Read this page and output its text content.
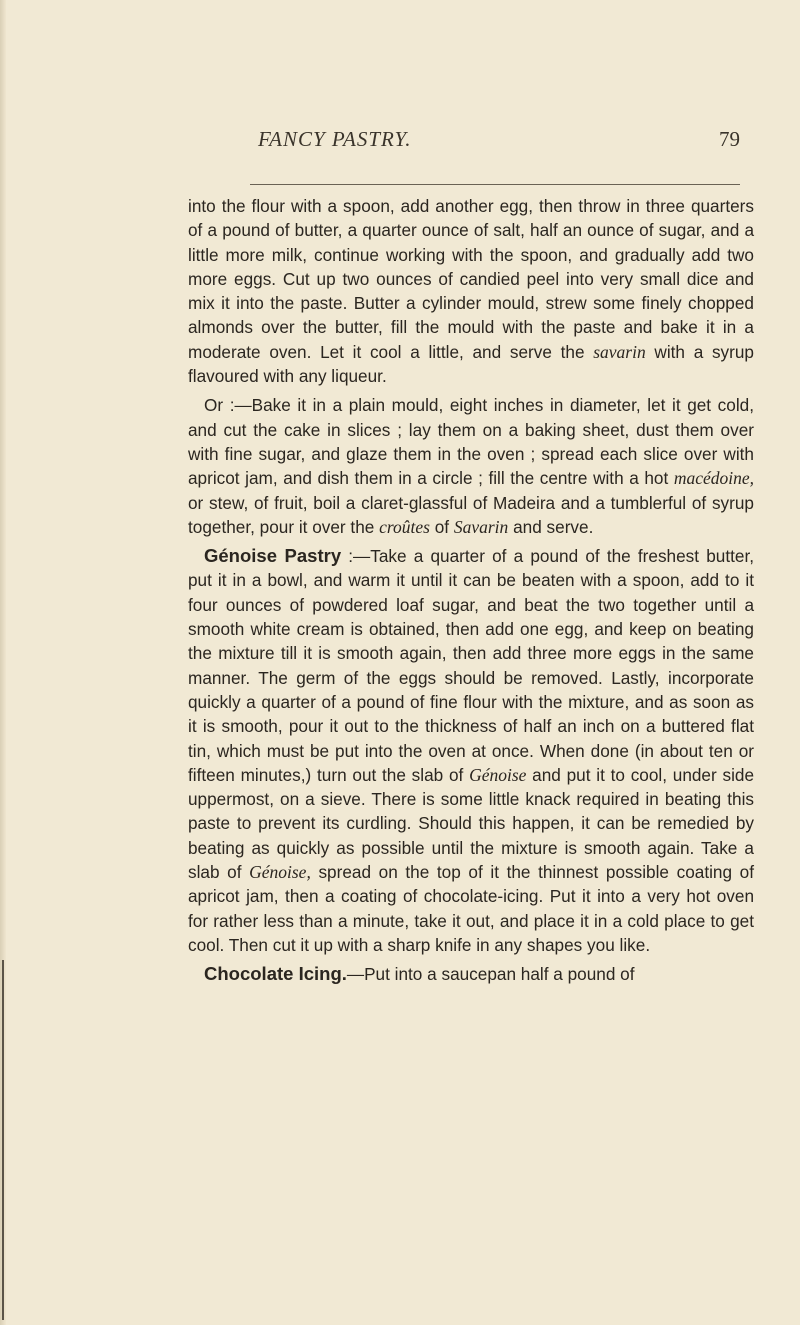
FANCY PASTRY.	79

into the flour with a spoon, add another egg, then throw in three quarters of a pound of butter, a quarter ounce of salt, half an ounce of sugar, and a little more milk, continue working with the spoon, and gradually add two more eggs. Cut up two ounces of candied peel into very small dice and mix it into the paste. Butter a cylinder mould, strew some finely chopped almonds over the butter, fill the mould with the paste and bake it in a moderate oven. Let it cool a little, and serve the savarin with a syrup flavoured with any liqueur.

Or :—Bake it in a plain mould, eight inches in diameter, let it get cold, and cut the cake in slices ; lay them on a baking sheet, dust them over with fine sugar, and glaze them in the oven ; spread each slice over with apricot jam, and dish them in a circle ; fill the centre with a hot macédoine, or stew, of fruit, boil a claret-glassful of Madeira and a tumblerful of syrup together, pour it over the croûtes of Savarin and serve.

Génoise Pastry :—Take a quarter of a pound of the freshest butter, put it in a bowl, and warm it until it can be beaten with a spoon, add to it four ounces of powdered loaf sugar, and beat the two together until a smooth white cream is obtained, then add one egg, and keep on beating the mixture till it is smooth again, then add three more eggs in the same manner. The germ of the eggs should be removed. Lastly, incorporate quickly a quarter of a pound of fine flour with the mixture, and as soon as it is smooth, pour it out to the thickness of half an inch on a buttered flat tin, which must be put into the oven at once. When done (in about ten or fifteen minutes,) turn out the slab of Génoise and put it to cool, under side uppermost, on a sieve. There is some little knack required in beating this paste to prevent its curdling. Should this happen, it can be remedied by beating as quickly as possible until the mixture is smooth again. Take a slab of Génoise, spread on the top of it the thinnest possible coating of apricot jam, then a coating of chocolate-icing. Put it into a very hot oven for rather less than a minute, take it out, and place it in a cold place to get cool. Then cut it up with a sharp knife in any shapes you like.

Chocolate Icing.—Put into a saucepan half a pound of
